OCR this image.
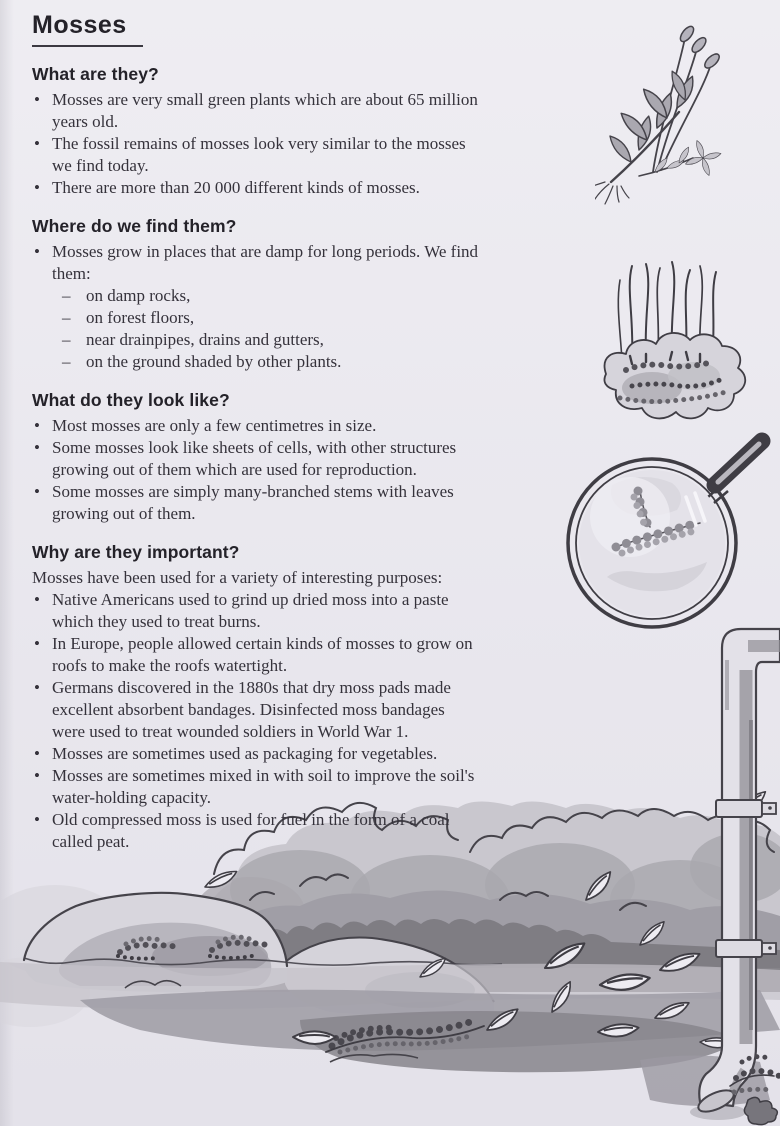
Mosses
What are they?
• Mosses are very small green plants which are about 65 million
years old.
• The fossil remains of mosses look very similar to the mosses
we find today.
• There are more than 20 000 different kinds of mosses.
Where do we find them?
• Mosses grow in places that are damp for long periods. We find
them:
– on damp rocks,
– on forest floors,
– near drainpipes, drains and gutters,
– on the ground shaded by other plants.
What do they look like?
• Most mosses are only a few centimetres in size.
• Some mosses look like sheets of cells, with other structures
growing out of them which are used for reproduction.
• Some mosses are simply many-branched stems with leaves
growing out of them.
Why are they important?
Mosses have been used for a variety of interesting purposes:
• Native Americans used to grind up dried moss into a paste
which they used to treat burns.
• In Europe, people allowed certain kinds of mosses to grow on
roofs to make the roofs watertight.
• Germans discovered in the 1880s that dry moss pads made
excellent absorbent bandages. Disinfected moss bandages
were used to treat wounded soldiers in World War 1.
• Mosses are sometimes used as packaging for vegetables.
• Mosses are sometimes mixed in with soil to improve the soil's
water-holding capacity.
• Old compressed moss is used for fuel in the form of a coal
called peat.
